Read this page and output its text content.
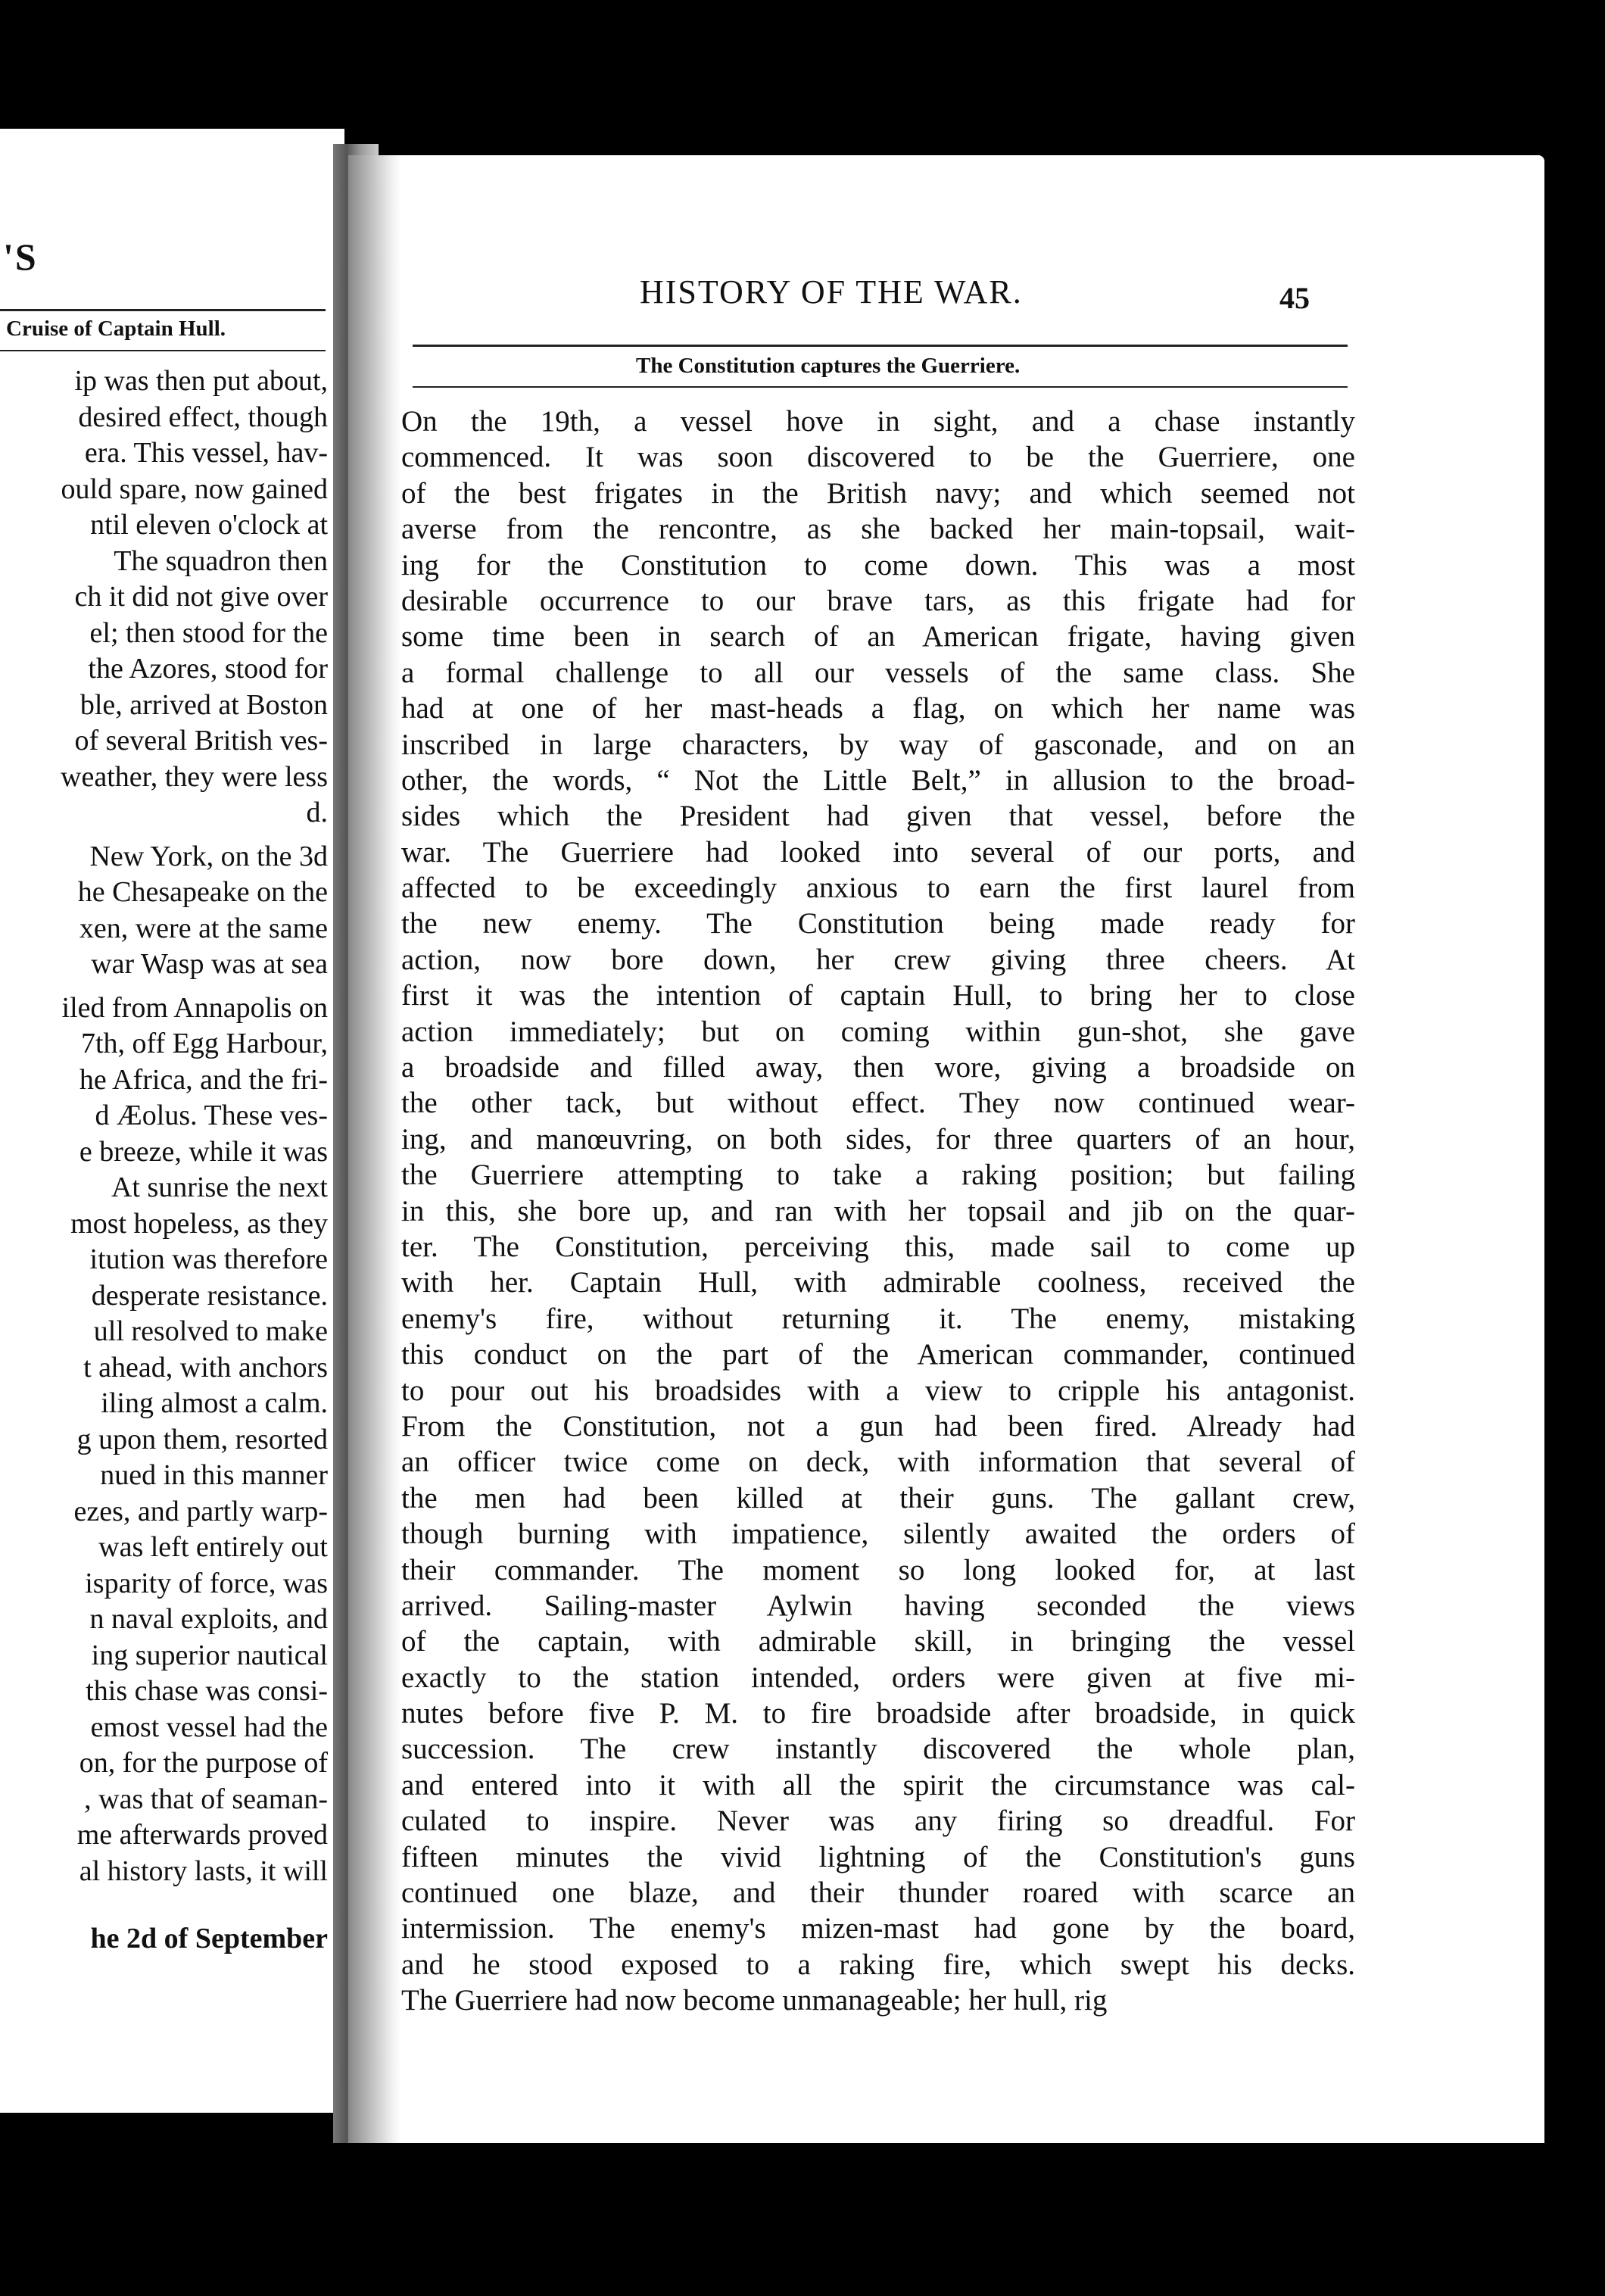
'S
Cruise of Captain Hull.
ip was then put about,
desired effect, though
era. This vessel, hav-
ould spare, now gained
ntil eleven o'clock at
The squadron then
ch it did not give over
el; then stood for the
the Azores, stood for
ble, arrived at Boston
of several British ves-
weather, they were less
d.
New York, on the 3d
he Chesapeake on the
xen, were at the same
war Wasp was at sea
iled from Annapolis on
7th, off Egg Harbour,
he Africa, and the fri-
d Æolus. These ves-
e breeze, while it was
At sunrise the next
most hopeless, as they
itution was therefore
desperate resistance.
ull resolved to make
t ahead, with anchors
iling almost a calm.
g upon them, resorted
nued in this manner
ezes, and partly warp-
was left entirely out
isparity of force, was
n naval exploits, and
ing superior nautical
this chase was consi-
emost vessel had the
on, for the purpose of
, was that of seaman-
me afterwards proved
al history lasts, it will
he 2d of September
HISTORY OF THE WAR.	45
The Constitution captures the Guerriere.
On the 19th, a vessel hove in sight, and a chase instantly
commenced. It was soon discovered to be the Guerriere, one
of the best frigates in the British navy; and which seemed not
averse from the rencontre, as she backed her main-topsail, wait-
ing for the Constitution to come down. This was a most
desirable occurrence to our brave tars, as this frigate had for
some time been in search of an American frigate, having given
a formal challenge to all our vessels of the same class. She
had at one of her mast-heads a flag, on which her name was
inscribed in large characters, by way of gasconade, and on an
other, the words, “ Not the Little Belt,” in allusion to the broad-
sides which the President had given that vessel, before the
war. The Guerriere had looked into several of our ports, and
affected to be exceedingly anxious to earn the first laurel from
the new enemy. The Constitution being made ready for
action, now bore down, her crew giving three cheers. At
first it was the intention of captain Hull, to bring her to close
action immediately; but on coming within gun-shot, she gave
a broadside and filled away, then wore, giving a broadside on
the other tack, but without effect. They now continued wear-
ing, and manœuvring, on both sides, for three quarters of an hour,
the Guerriere attempting to take a raking position; but failing
in this, she bore up, and ran with her topsail and jib on the quar-
ter. The Constitution, perceiving this, made sail to come up
with her. Captain Hull, with admirable coolness, received the
enemy's fire, without returning it. The enemy, mistaking
this conduct on the part of the American commander, continued
to pour out his broadsides with a view to cripple his antagonist.
From the Constitution, not a gun had been fired. Already had
an officer twice come on deck, with information that several of
the men had been killed at their guns. The gallant crew,
though burning with impatience, silently awaited the orders of
their commander. The moment so long looked for, at last
arrived. Sailing-master Aylwin having seconded the views
of the captain, with admirable skill, in bringing the vessel
exactly to the station intended, orders were given at five mi-
nutes before five P. M. to fire broadside after broadside, in quick
succession. The crew instantly discovered the whole plan,
and entered into it with all the spirit the circumstance was cal-
culated to inspire. Never was any firing so dreadful. For
fifteen minutes the vivid lightning of the Constitution's guns
continued one blaze, and their thunder roared with scarce an
intermission. The enemy's mizen-mast had gone by the board,
and he stood exposed to a raking fire, which swept his decks.
The Guerriere had now become unmanageable; her hull, rig
